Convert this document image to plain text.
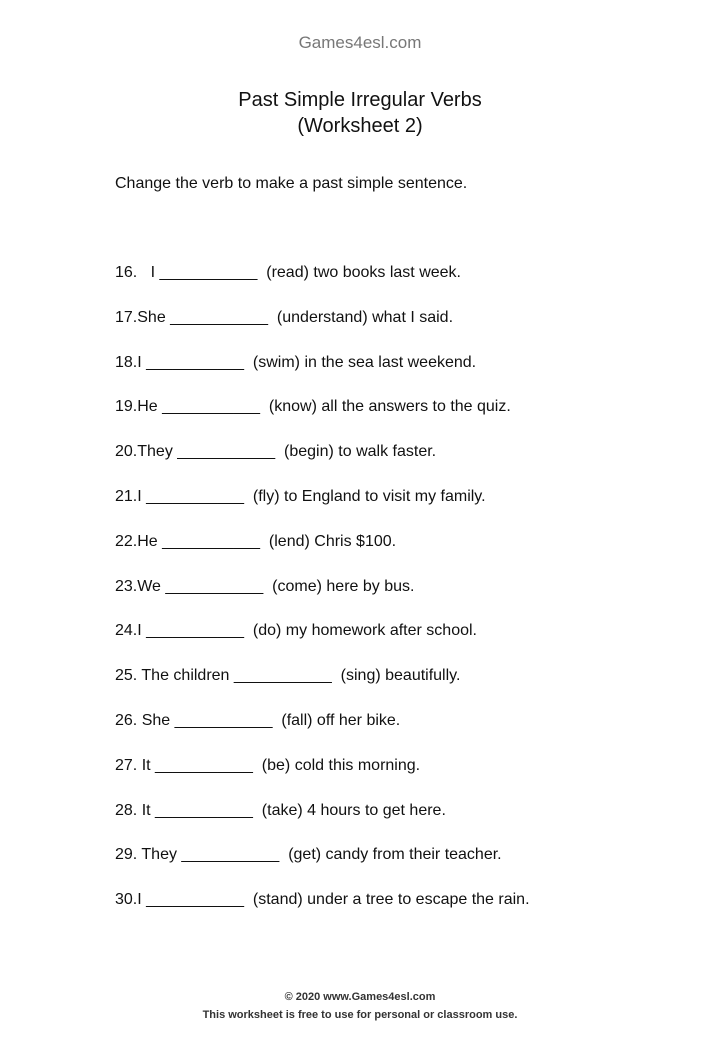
Games4esl.com
Past Simple Irregular Verbs
(Worksheet 2)
Change the verb to make a past simple sentence.
16.   I ___________  (read) two books last week.
17.She ___________  (understand) what I said.
18.I ___________  (swim) in the sea last weekend.
19.He ___________  (know) all the answers to the quiz.
20.They ___________  (begin) to walk faster.
21.I ___________  (fly) to England to visit my family.
22.He ___________  (lend) Chris $100.
23.We ___________  (come) here by bus.
24.I ___________  (do) my homework after school.
25. The children ___________  (sing) beautifully.
26. She ___________  (fall) off her bike.
27. It ___________  (be) cold this morning.
28. It ___________  (take) 4 hours to get here.
29. They ___________  (get) candy from their teacher.
30.I ___________  (stand) under a tree to escape the rain.
© 2020 www.Games4esl.com
This worksheet is free to use for personal or classroom use.
